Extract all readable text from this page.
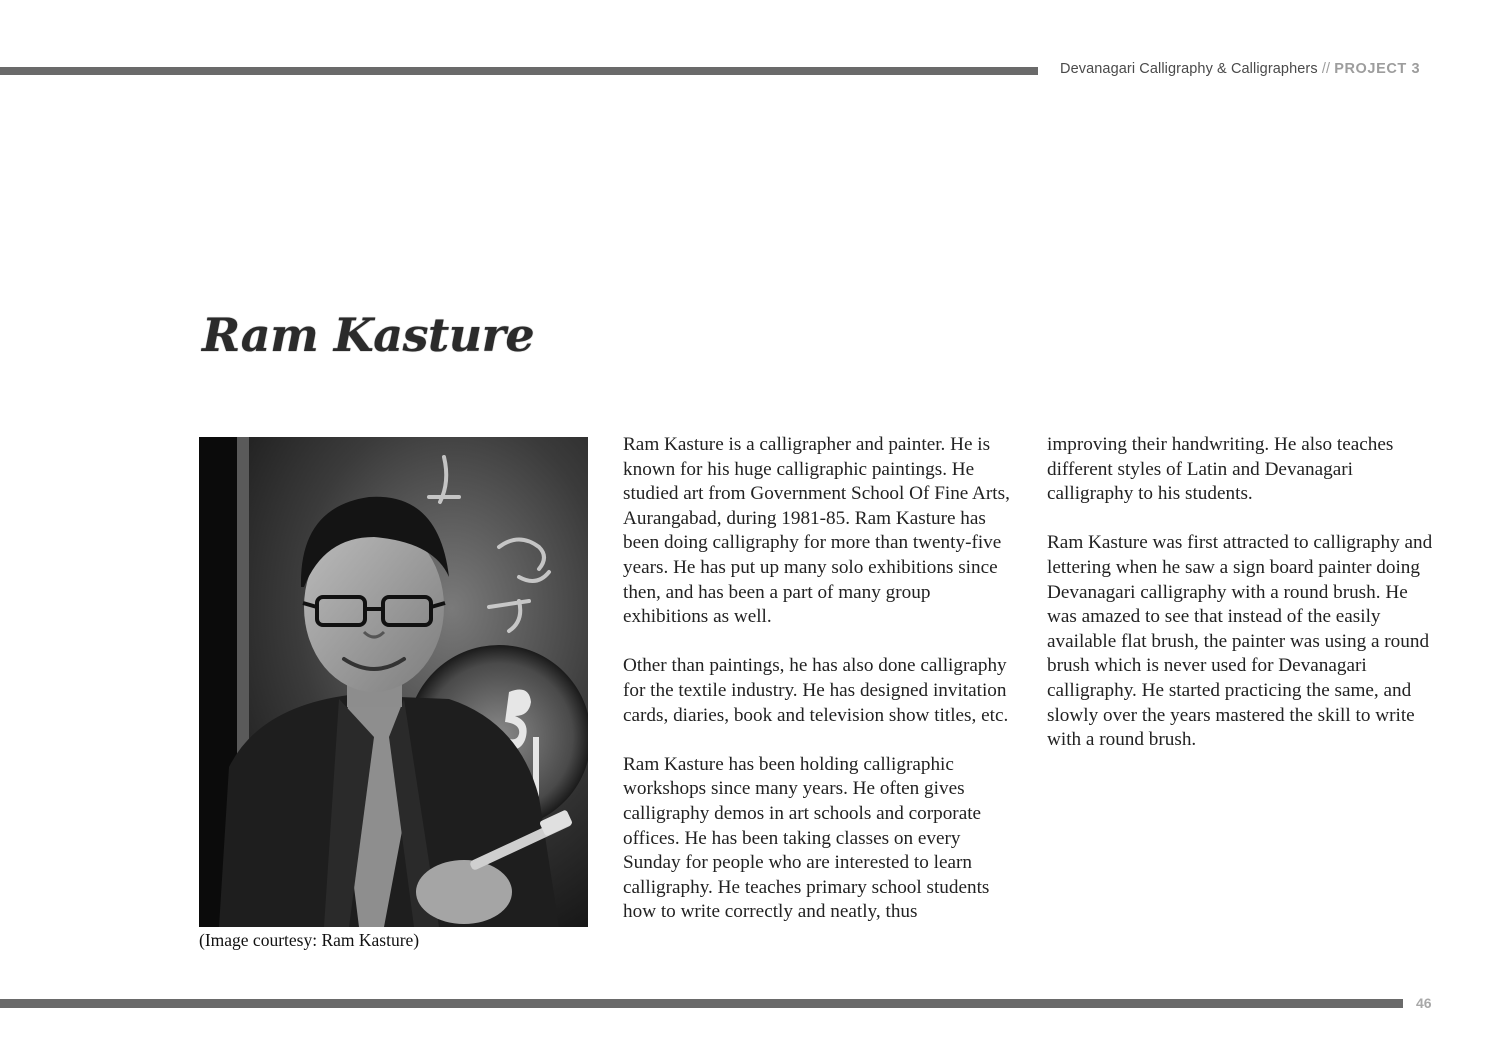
Devanagari Calligraphy & Calligraphers // PROJECT 3
Ram Kasture
(Image courtesy: Ram Kasture)

Ram Kasture is a calligrapher and painter. He is known for his huge calligraphic paintings. He studied art from Government School Of Fine Arts, Aurangabad, during 1981-85. Ram Kasture has been doing calligraphy for more than twenty-five years. He has put up many solo exhibitions since then, and has been a part of many group exhibitions as well.

Other than paintings, he has also done calligraphy for the textile industry. He has designed invitation cards, diaries, book and television show titles, etc.

Ram Kasture has been holding calligraphic workshops since many years. He often gives calligraphy demos in art schools and corporate offices. He has been taking classes on every Sunday for people who are interested to learn calligraphy. He teaches primary school students how to write correctly and neatly, thus

improving their handwriting. He also teaches different styles of Latin and Devanagari calligraphy to his students.

Ram Kasture was first attracted to calligraphy and lettering when he saw a sign board painter doing Devanagari calligraphy with a round brush. He was amazed to see that instead of the easily available flat brush, the painter was using a round brush which is never used for Devanagari calligraphy. He started practicing the same, and slowly over the years mastered the skill to write with a round brush.

46
